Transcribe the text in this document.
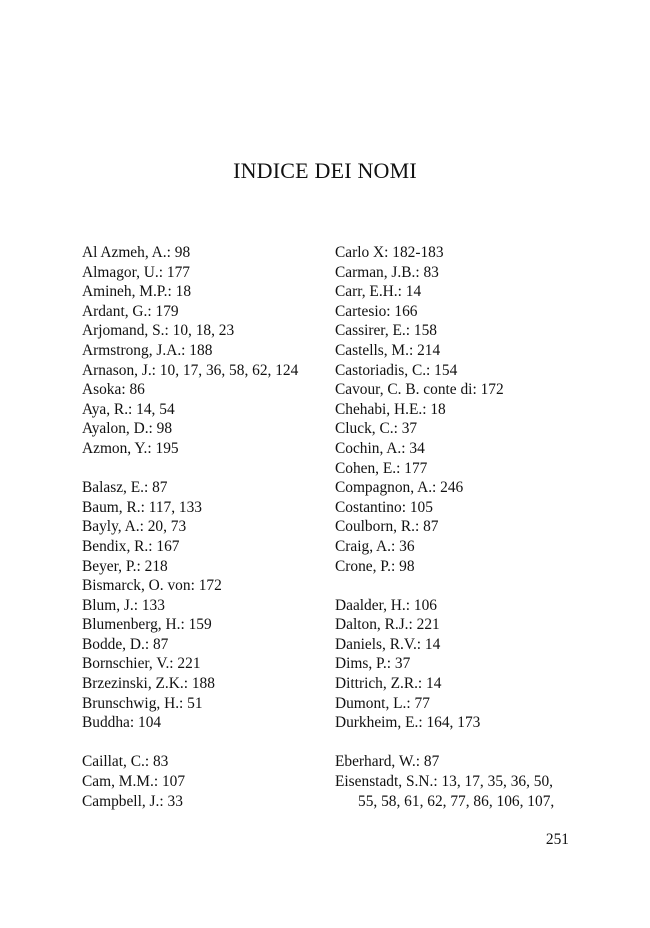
INDICE DEI NOMI
Al Azmeh, A.: 98
Almagor, U.: 177
Amineh, M.P.: 18
Ardant, G.: 179
Arjomand, S.: 10, 18, 23
Armstrong, J.A.: 188
Arnason, J.: 10, 17, 36, 58, 62, 124
Asoka: 86
Aya, R.: 14, 54
Ayalon, D.: 98
Azmon, Y.: 195
Balasz, E.: 87
Baum, R.: 117, 133
Bayly, A.: 20, 73
Bendix, R.: 167
Beyer, P.: 218
Bismarck, O. von: 172
Blum, J.: 133
Blumenberg, H.: 159
Bodde, D.: 87
Bornschier, V.: 221
Brzezinski, Z.K.: 188
Brunschwig, H.: 51
Buddha: 104
Caillat, C.: 83
Cam, M.M.: 107
Campbell, J.: 33
Carlo X: 182-183
Carman, J.B.: 83
Carr, E.H.: 14
Cartesio: 166
Cassirer, E.: 158
Castells, M.: 214
Castoriadis, C.: 154
Cavour, C. B. conte di: 172
Chehabi, H.E.: 18
Cluck, C.: 37
Cochin, A.: 34
Cohen, E.: 177
Compagnon, A.: 246
Costantino: 105
Coulborn, R.: 87
Craig, A.: 36
Crone, P.: 98
Daalder, H.: 106
Dalton, R.J.: 221
Daniels, R.V.: 14
Dims, P.: 37
Dittrich, Z.R.: 14
Dumont, L.: 77
Durkheim, E.: 164, 173
Eberhard, W.: 87
Eisenstadt, S.N.: 13, 17, 35, 36, 50,
55, 58, 61, 62, 77, 86, 106, 107,
251
